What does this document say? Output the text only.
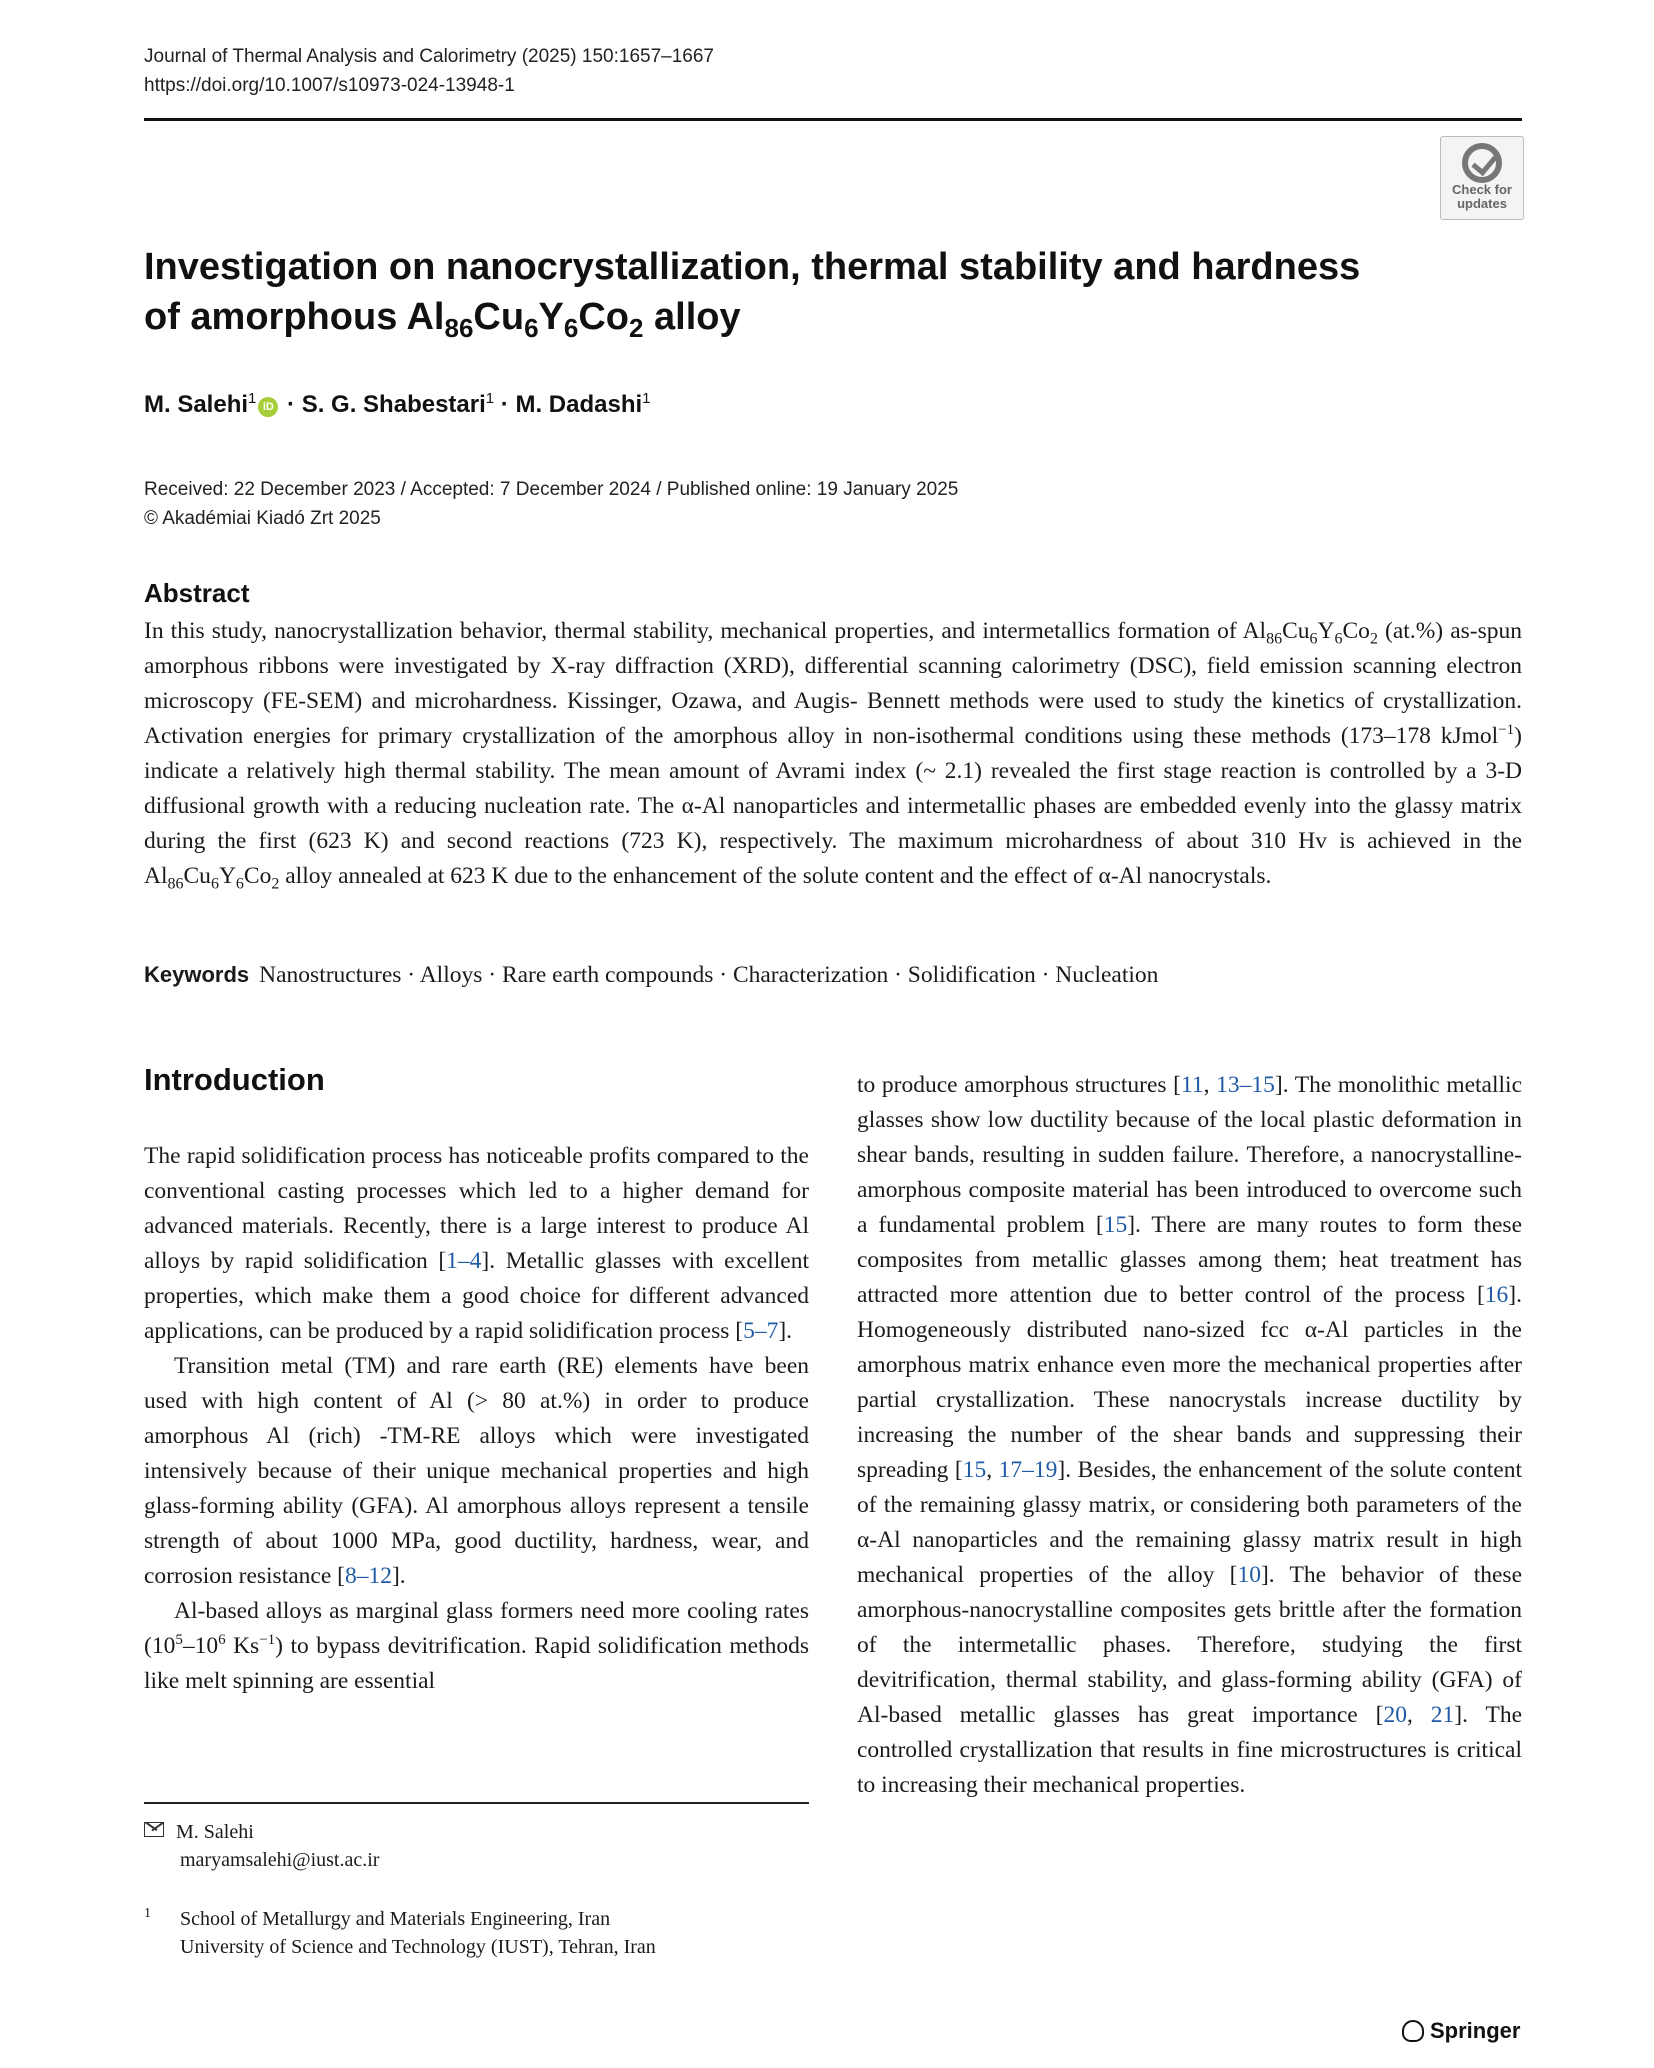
Journal of Thermal Analysis and Calorimetry (2025) 150:1657–1667
https://doi.org/10.1007/s10973-024-13948-1
Check for
updates
Investigation on nanocrystallization, thermal stability and hardness
of amorphous $Al_{86}Cu_6Y_6Co_2$ alloy
M. Salehi$^1$ iD · S. G. Shabestari$^1$ · M. Dadashi$^1$
Received: 22 December 2023 / Accepted: 7 December 2024 / Published online: 19 January 2025
© Akadémiai Kiadó Zrt 2025
Abstract

In this study, nanocrystallization behavior, thermal stability, mechanical properties, and intermetallics formation of $Al_{86}Cu_6Y_6Co_2$ (at.%) as-spun amorphous ribbons were investigated by X-ray diffraction (XRD), differential scanning calorimetry (DSC), field emission scanning electron microscopy (FE-SEM) and microhardness. Kissinger, Ozawa, and Augis- Bennett methods were used to study the kinetics of crystallization. Activation energies for primary crystallization of the amorphous alloy in non-isothermal conditions using these methods (173–178 kJmol$^{-1}$) indicate a relatively high thermal stability. The mean amount of Avrami index (~ 2.1) revealed the first stage reaction is controlled by a 3-D diffusional growth with a reducing nucleation rate. The α-Al nanoparticles and intermetallic phases are embedded evenly into the glassy matrix during the first (623 K) and second reactions (723 K), respectively. The maximum microhardness of about 310 Hv is achieved in the $Al_{86}Cu_6Y_6Co_2$ alloy annealed at 623 K due to the enhancement of the solute content and the effect of α-Al nanocrystals.

Keywords Nanostructures · Alloys · Rare earth compounds · Characterization · Solidification · Nucleation
Introduction

The rapid solidification process has noticeable profits compared to the conventional casting processes which led to a higher demand for advanced materials. Recently, there is a large interest to produce Al alloys by rapid solidification [1–4]. Metallic glasses with excellent properties, which make them a good choice for different advanced applications, can be produced by a rapid solidification process [5–7].

Transition metal (TM) and rare earth (RE) elements have been used with high content of Al (> 80 at.%) in order to produce amorphous Al (rich) -TM-RE alloys which were investigated intensively because of their unique mechanical properties and high glass-forming ability (GFA). Al amorphous alloys represent a tensile strength of about 1000 MPa, good ductility, hardness, wear, and corrosion resistance [8–12].

Al-based alloys as marginal glass formers need more cooling rates ($10^5-10^6$ $Ks^{-1}$) to bypass devitrification. Rapid solidification methods like melt spinning are essential

to produce amorphous structures [11, 13–15]. The monolithic metallic glasses show low ductility because of the local plastic deformation in shear bands, resulting in sudden failure. Therefore, a nanocrystalline-amorphous composite material has been introduced to overcome such a fundamental problem [15]. There are many routes to form these composites from metallic glasses among them; heat treatment has attracted more attention due to better control of the process [16]. Homogeneously distributed nano-sized fcc α-Al particles in the amorphous matrix enhance even more the mechanical properties after partial crystallization. These nanocrystals increase ductility by increasing the number of the shear bands and suppressing their spreading [15, 17–19]. Besides, the enhancement of the solute content of the remaining glassy matrix, or considering both parameters of the α-Al nanoparticles and the remaining glassy matrix result in high mechanical properties of the alloy [10]. The behavior of these amorphous-nanocrystalline composites gets brittle after the formation of the intermetallic phases. Therefore, studying the first devitrification, thermal stability, and glass-forming ability (GFA) of Al-based metallic glasses has great importance [20, 21]. The controlled crystallization that results in fine microstructures is critical to increasing their mechanical properties.

M. Salehi
maryamsalehi@iust.ac.ir
1 School of Metallurgy and Materials Engineering, Iran
University of Science and Technology (IUST), Tehran, Iran
Springer
